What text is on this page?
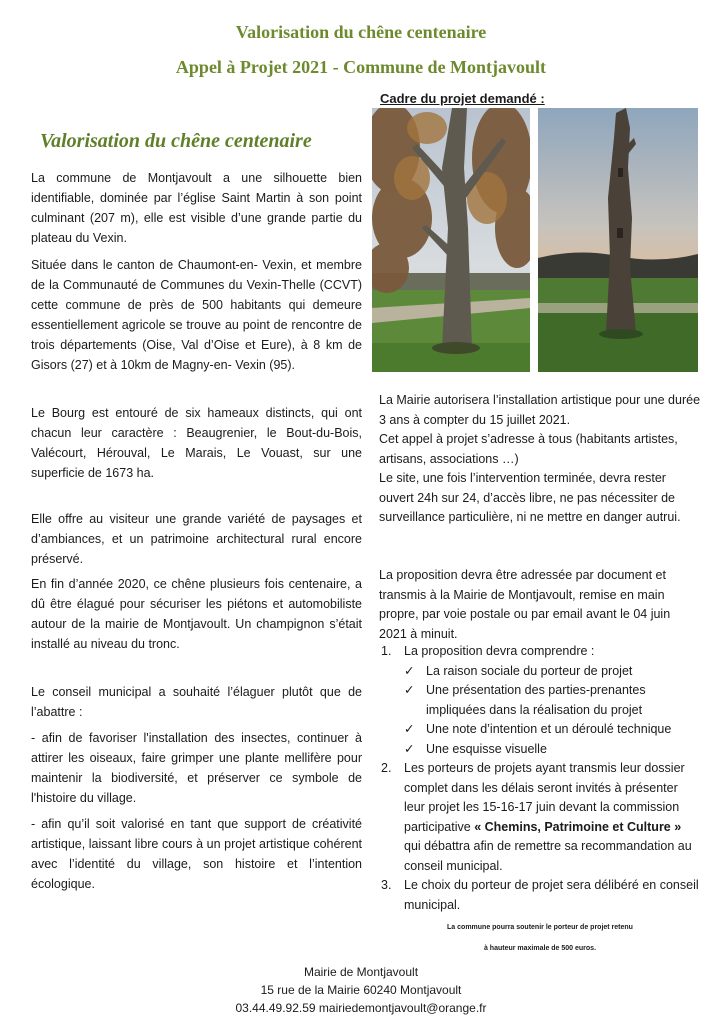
Valorisation du chêne centenaire
Appel à Projet 2021 - Commune de Montjavoult
Cadre du projet demandé :
Valorisation du chêne centenaire

La commune de Montjavoult a une silhouette bien identifiable, dominée par l’église Saint Martin à son point culminant (207 m), elle est visible d’une grande partie du plateau du Vexin.

Située dans le canton de Chaumont-en- Vexin, et membre de la Communauté de Communes du Vexin-Thelle (CCVT) cette commune de près de 500 habitants qui demeure essentiellement agricole se trouve au point de rencontre de trois départements (Oise, Val d’Oise et Eure), à 8 km de Gisors (27) et à 10km de Magny-en- Vexin (95).

Le Bourg est entouré de six hameaux distincts, qui ont chacun leur caractère : Beaugrenier, le Bout-du-Bois, Valécourt, Hérouval, Le Marais, Le Vouast, sur une superficie de 1673 ha.

Elle offre au visiteur une grande variété de paysages et d’ambiances, et un patrimoine architectural rural encore préservé.

En fin d’année 2020, ce chêne plusieurs fois centenaire, a dû être élagué pour sécuriser les piétons et automobiliste autour de la mairie de Montjavoult. Un champignon s’était installé au niveau du tronc.

Le conseil municipal a souhaité l’élaguer plutôt que de l’abattre :

- afin de favoriser l'installation des insectes, continuer à attirer les oiseaux, faire grimper une plante mellifère pour maintenir la biodiversité, et préserver ce symbole de l'histoire du village.

- afin qu’il soit valorisé en tant que support de créativité artistique, laissant libre cours à un projet artistique cohérent avec l’identité du village, son histoire et l’intention écologique.

La Mairie autorisera l’installation artistique pour une durée 3 ans à compter du 15 juillet 2021.

Cet appel à projet s’adresse à tous (habitants artistes, artisans, associations …)

Le site, une fois l’intervention terminée, devra rester ouvert 24h sur 24, d’accès libre, ne pas nécessiter de surveillance particulière, ni ne mettre en danger autrui.

La proposition devra être adressée par document et transmis à la Mairie de Montjavoult, remise en main propre, par voie postale ou par email avant le 04 juin 2021 à minuit.

1. La proposition devra comprendre :
✓ La raison sociale du porteur de projet
✓ Une présentation des parties-prenantes impliquées dans la réalisation du projet
✓ Une note d’intention et un déroulé technique
✓ Une esquisse visuelle
2. Les porteurs de projets ayant transmis leur dossier complet dans les délais seront invités à présenter leur projet les 15-16-17 juin devant la commission participative « Chemins, Patrimoine et Culture » qui débattra afin de remettre sa recommandation au conseil municipal.
3. Le choix du porteur de projet sera délibéré en conseil municipal.
La commune pourra soutenir le porteur de projet retenu
à hauteur maximale de 500 euros.
Mairie de Montjavoult
15 rue de la Mairie 60240 Montjavoult
03.44.49.92.59 mairiedemontjavoult@orange.fr
